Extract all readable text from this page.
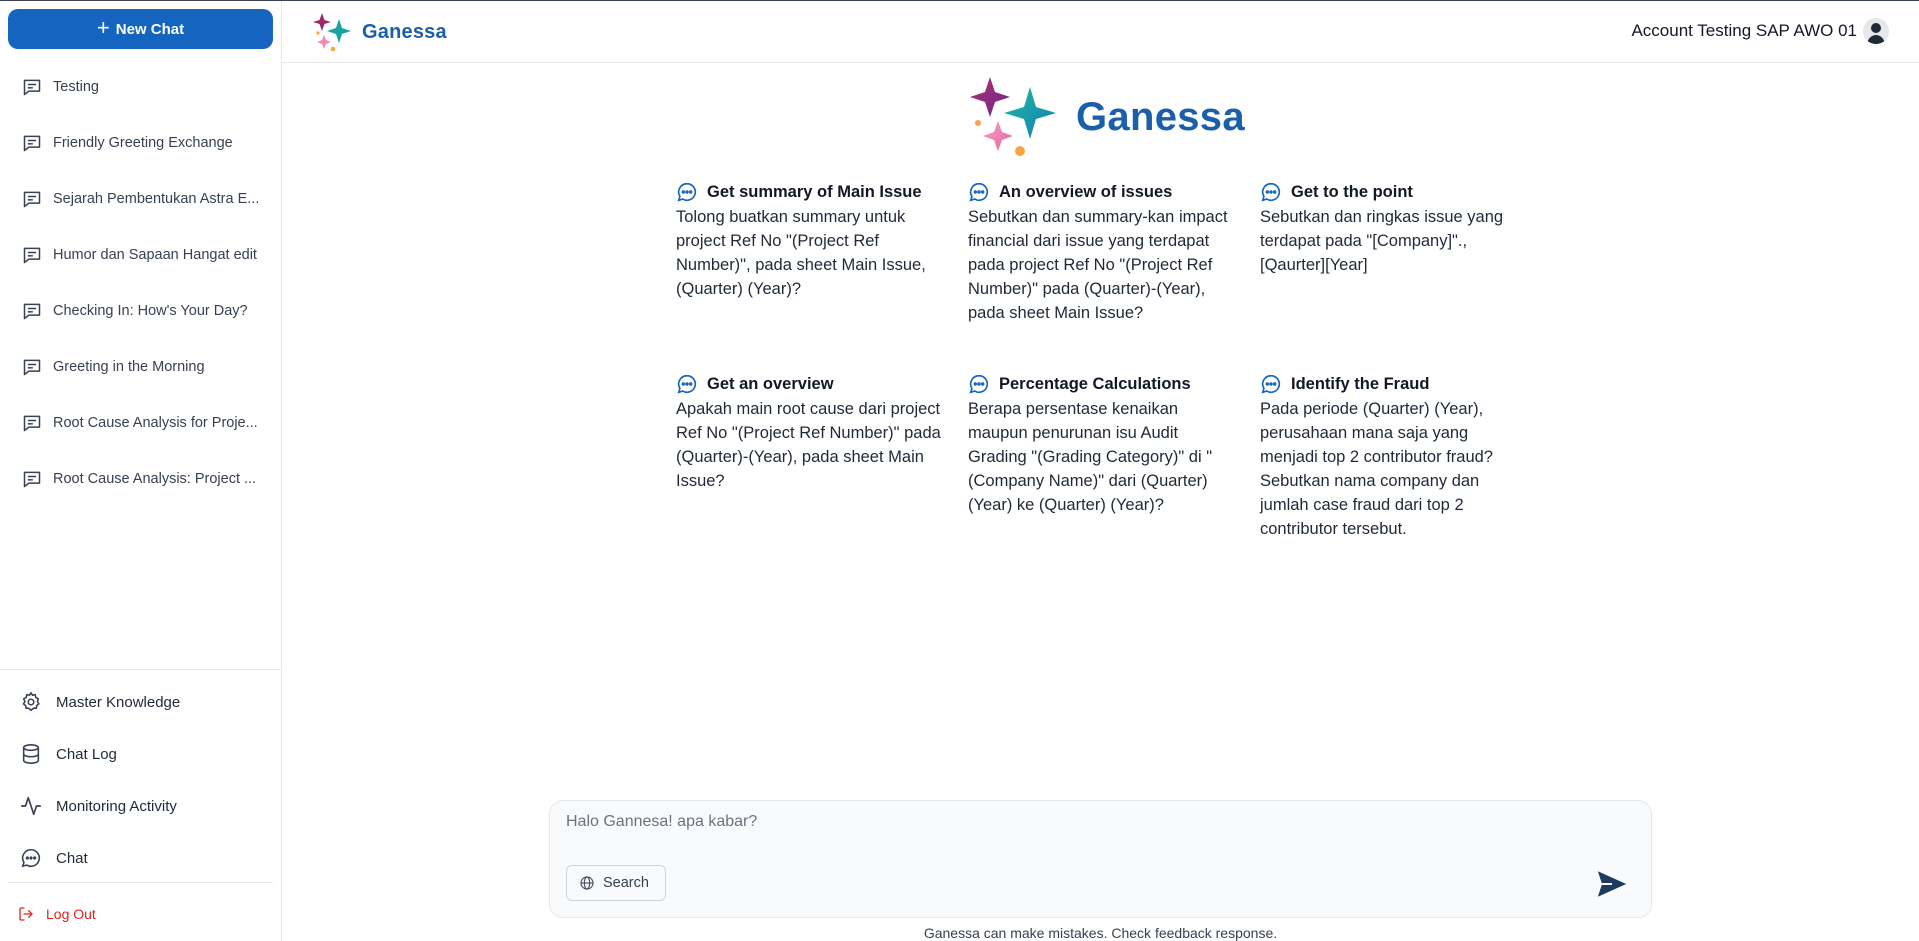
+ New Chat
Testing
Friendly Greeting Exchange
Sejarah Pembentukan Astra E...
Humor dan Sapaan Hangat edit
Checking In: How's Your Day?
Greeting in the Morning
Root Cause Analysis for Proje...
Root Cause Analysis: Project ...
Master Knowledge
Chat Log
Monitoring Activity
Chat
Log Out
Ganessa	Account Testing SAP AWO 01
Ganessa
Get summary of Main Issue
Tolong buatkan summary untuk project Ref No "(Project Ref Number)", pada sheet Main Issue, (Quarter) (Year)?
An overview of issues
Sebutkan dan summary-kan impact financial dari issue yang terdapat pada project Ref No "(Project Ref Number)" pada (Quarter)-(Year), pada sheet Main Issue?
Get to the point
Sebutkan dan ringkas issue yang terdapat pada "[Company]"., [Qaurter][Year]
Get an overview
Apakah main root cause dari project Ref No "(Project Ref Number)" pada (Quarter)-(Year), pada sheet Main Issue?
Percentage Calculations
Berapa persentase kenaikan maupun penurunan isu Audit Grading "(Grading Category)" di "(Company Name)" dari (Quarter) (Year) ke (Quarter) (Year)?
Identify the Fraud
Pada periode (Quarter) (Year), perusahaan mana saja yang menjadi top 2 contributor fraud? Sebutkan nama company dan jumlah case fraud dari top 2 contributor tersebut.
Halo Gannesa! apa kabar?
Search
Ganessa can make mistakes. Check feedback response.
